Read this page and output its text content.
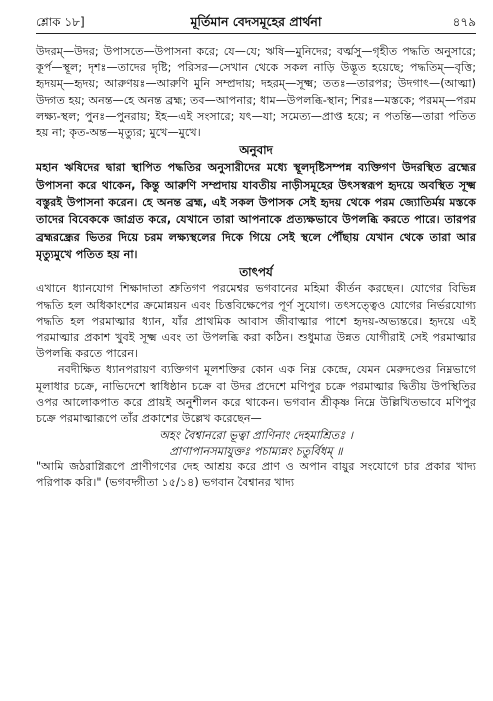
শ্লোক ১৮]	মূর্তিমান বেদসমূহের প্রার্থনা	৪৭৯

উদরম্—উদর; উপাসতে—উপাসনা করে; যে—যে; ঋষি—মুনিদের; বর্ত্মসু—গৃহীত পদ্ধতি অনুসারে; কূর্প—স্থূল; দৃশঃ—তাদের দৃষ্টি; পরিসর—সেখান থেকে সকল নাড়ি উদ্ভূত হয়েছে; পদ্ধতিম্—বৃত্তি; হৃদয়ম্—হৃদয়; আরুণয়ঃ—আরুণি মুনি সম্প্রদায়; দহরম্—সূক্ষ্ম; ততঃ—তারপর; উদগাৎ—(আত্মা) উদ্গত হয়; অনন্ত—হে অনন্ত ব্রহ্ম; তব—আপনার; ধাম—উপলব্ধি-স্থান; শিরঃ—মস্তকে; পরমম্—পরম লক্ষ্য-স্থল; পুনঃ—পুনরায়; ইহ—এই সংসারে; যৎ—যা; সমেত্য—প্রাপ্ত হয়ে; ন পতন্তি—তারা পতিত হয় না; কৃত-অন্ত—মৃত্যুর; মুখে—মুখে।

অনুবাদ

মহান ঋষিদের দ্বারা স্থাপিত পদ্ধতির অনুসারীদের মধ্যে স্থূলদৃষ্টিসম্পন্ন ব্যক্তিগণ উদরস্থিত ব্রহ্মের উপাসনা করে থাকেন, কিন্তু আরুণি সম্প্রদায় যাবতীয় নাড়ীসমূহের উৎসস্বরূপ হৃদয়ে অবস্থিত সূক্ষ্ম বস্তুরই উপাসনা করেন। হে অনন্ত ব্রহ্ম, এই সকল উপাসক সেই হৃদয় থেকে পরম জ্যোতির্ময় মস্তকে তাদের বিবেককে জাগ্রত করে, যেখানে তারা আপনাকে প্রত্যক্ষভাবে উপলব্ধি করতে পারে। তারপর ব্রহ্মরন্ধ্রের ভিতর দিয়ে চরম লক্ষ্যস্থলের দিকে গিয়ে সেই স্থলে পৌঁছায় যেখান থেকে তারা আর মৃত্যুমুখে পতিত হয় না।

তাৎপর্য

এখানে ধ্যানযোগ শিক্ষাদাতা শ্রুতিগণ পরমেশ্বর ভগবানের মহিমা কীর্তন করছেন। যোগের বিভিন্ন পদ্ধতি হল অধিকাংশের ক্রমোন্নয়ন এবং চিত্তবিক্ষেপের পূর্ণ সুযোগ। তৎসত্ত্বেও যোগের নির্ভরযোগ্য পদ্ধতি হল পরমাত্মার ধ্যান, যাঁর প্রাথমিক আবাস জীবাত্মার পাশে হৃদয়-অভ্যন্তরে। হৃদয়ে এই পরমাত্মার প্রকাশ খুবই সূক্ষ্ম এবং তা উপলব্ধি করা কঠিন। শুধুমাত্র উন্নত যোগীরাই সেই পরমাত্মার উপলব্ধি করতে পারেন।

নবদীক্ষিত ধ্যানপরায়ণ ব্যক্তিগণ মূলশক্তির কোন এক নিম্ন কেন্দ্রে, যেমন মেরুদণ্ডের নিম্নভাগে মূলাধার চক্রে, নাভিদেশে স্বাধিষ্ঠান চক্রে বা উদর প্রদেশে মণিপুর চক্রে পরমাত্মার দ্বিতীয় উপস্থিতির ওপর আলোকপাত করে প্রায়ই অনুশীলন করে থাকেন। ভগবান শ্রীকৃষ্ণ নিম্নে উল্লিখিতভাবে মণিপুর চক্রে পরমাত্মারূপে তাঁর প্রকাশের উল্লেখ করেছেন—

অহং বৈশ্বানরো ভূত্বা প্রাণিনাং দেহমাশ্রিতঃ ।
প্রাণাপানসমাযুক্তঃ পচাম্যন্নং চতুর্বিধম্ ॥

"আমি জঠরাগ্নিরূপে প্রাণীগণের দেহ আশ্রয় করে প্রাণ ও অপান বায়ুর সংযোগে চার প্রকার খাদ্য পরিপাক করি।" (ভগবদ্গীতা ১৫/১৪) ভগবান বৈশ্বানর খাদ্য
